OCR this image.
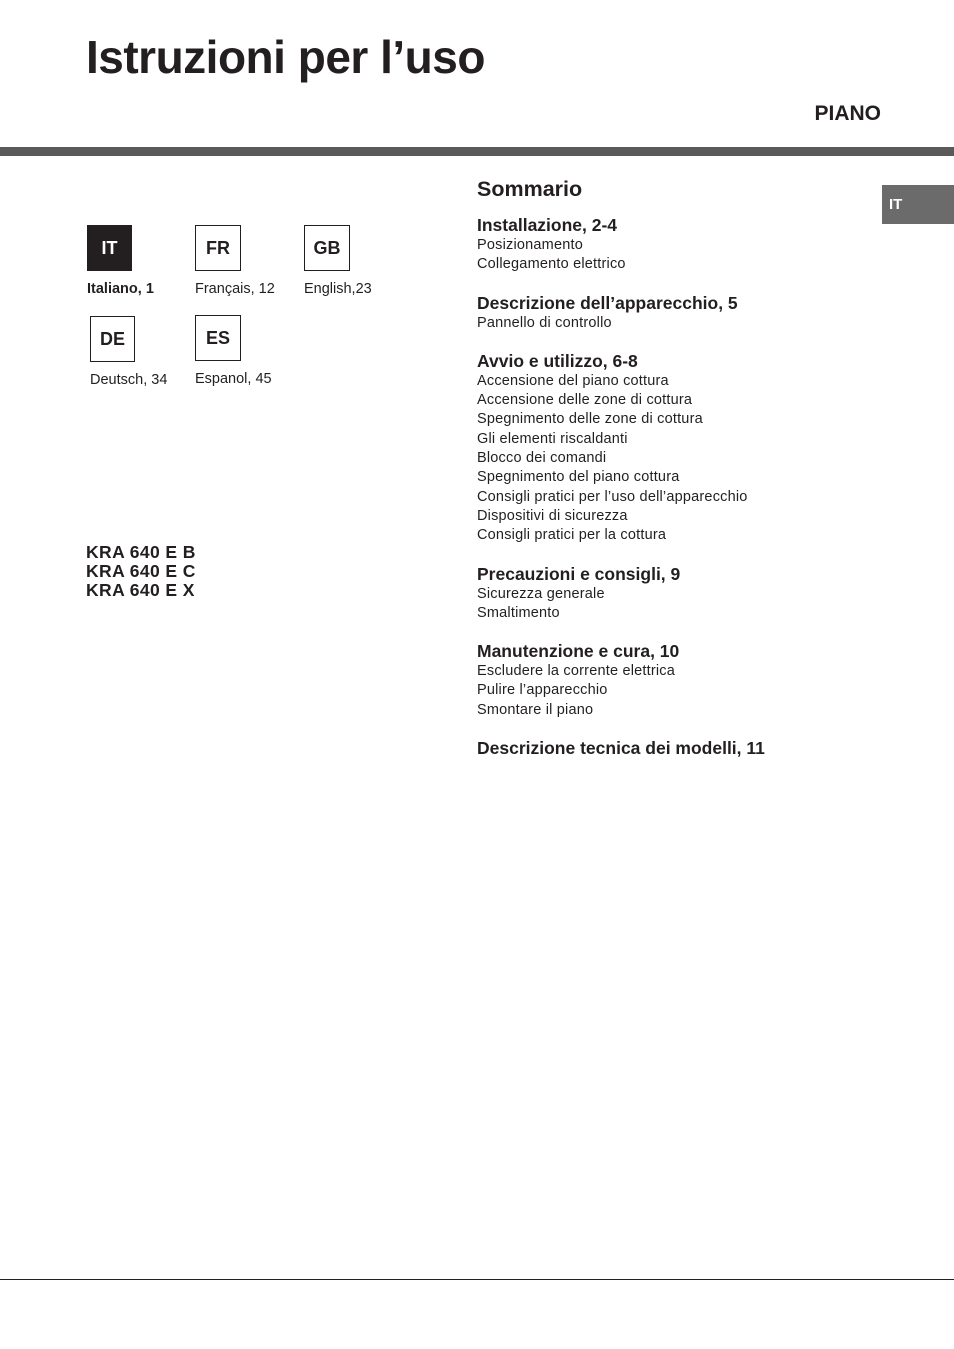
Istruzioni per l’uso
PIANO
IT
IT
Italiano, 1
FR
Français, 12
GB
English,23
DE
Deutsch, 34
ES
Espanol, 45
KRA 640 E B
KRA 640 E C
KRA 640 E X
Sommario
Installazione, 2-4
Posizionamento
Collegamento elettrico
Descrizione dell’apparecchio, 5
Pannello di controllo
Avvio e utilizzo, 6-8
Accensione del piano cottura
Accensione delle zone di cottura
Spegnimento delle zone di cottura
Gli elementi riscaldanti
Blocco dei comandi
Spegnimento del piano cottura
Consigli pratici per l’uso dell’apparecchio
Dispositivi di sicurezza
Consigli pratici per la cottura
Precauzioni e consigli, 9
Sicurezza generale
Smaltimento
Manutenzione e cura, 10
Escludere la corrente elettrica
Pulire l’apparecchio
Smontare il piano
Descrizione tecnica dei modelli, 11
